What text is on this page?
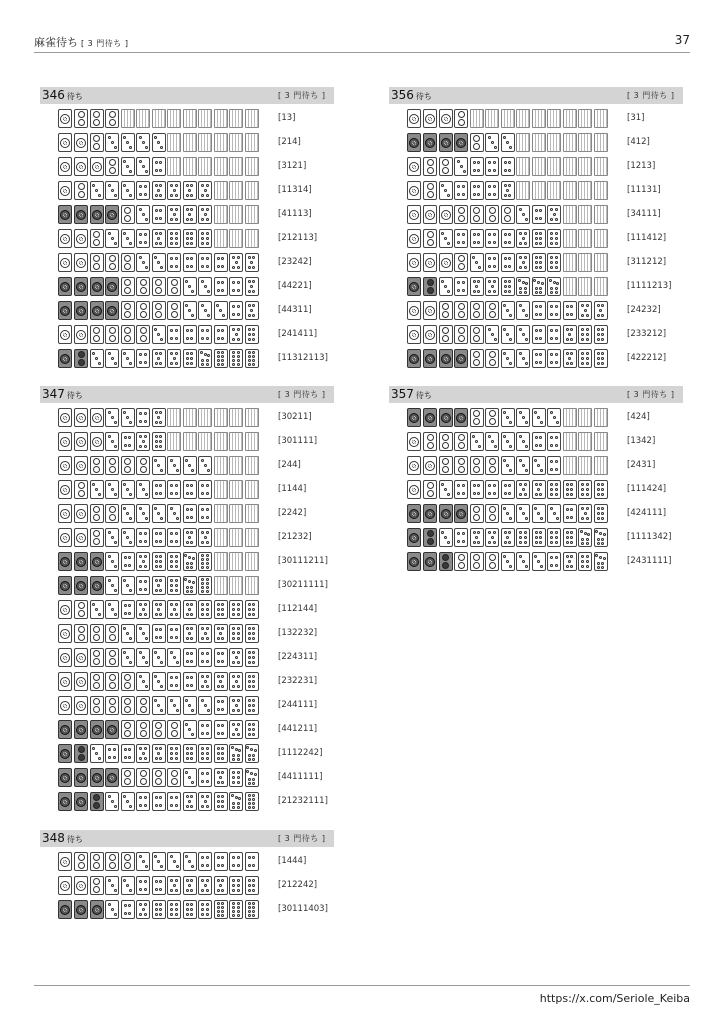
麻雀待ち [ 3 門待ち ]	37
346 待ち	[ 3 門待ち ]
[13]
[214]
[3121]
[11314]
[41113]
[212113]
[23242]
[44221]
[44311]
[241411]
[11312113]
356 待ち	[ 3 門待ち ]
[31]
[412]
[1213]
[11131]
[34111]
[111412]
[311212]
[1111213]
[24232]
[233212]
[422212]
347 待ち	[ 3 門待ち ]
[30211]
[301111]
[244]
[1144]
[2242]
[21232]
[30111211]
[30211111]
[112144]
[132232]
[224311]
[232231]
[244111]
[441211]
[1112242]
[4411111]
[21232111]
357 待ち	[ 3 門待ち ]
[424]
[1342]
[2431]
[111424]
[424111]
[1111342]
[2431111]
348 待ち	[ 3 門待ち ]
[1444]
[212242]
[30111403]
https://x.com/Seriole_Keiba
